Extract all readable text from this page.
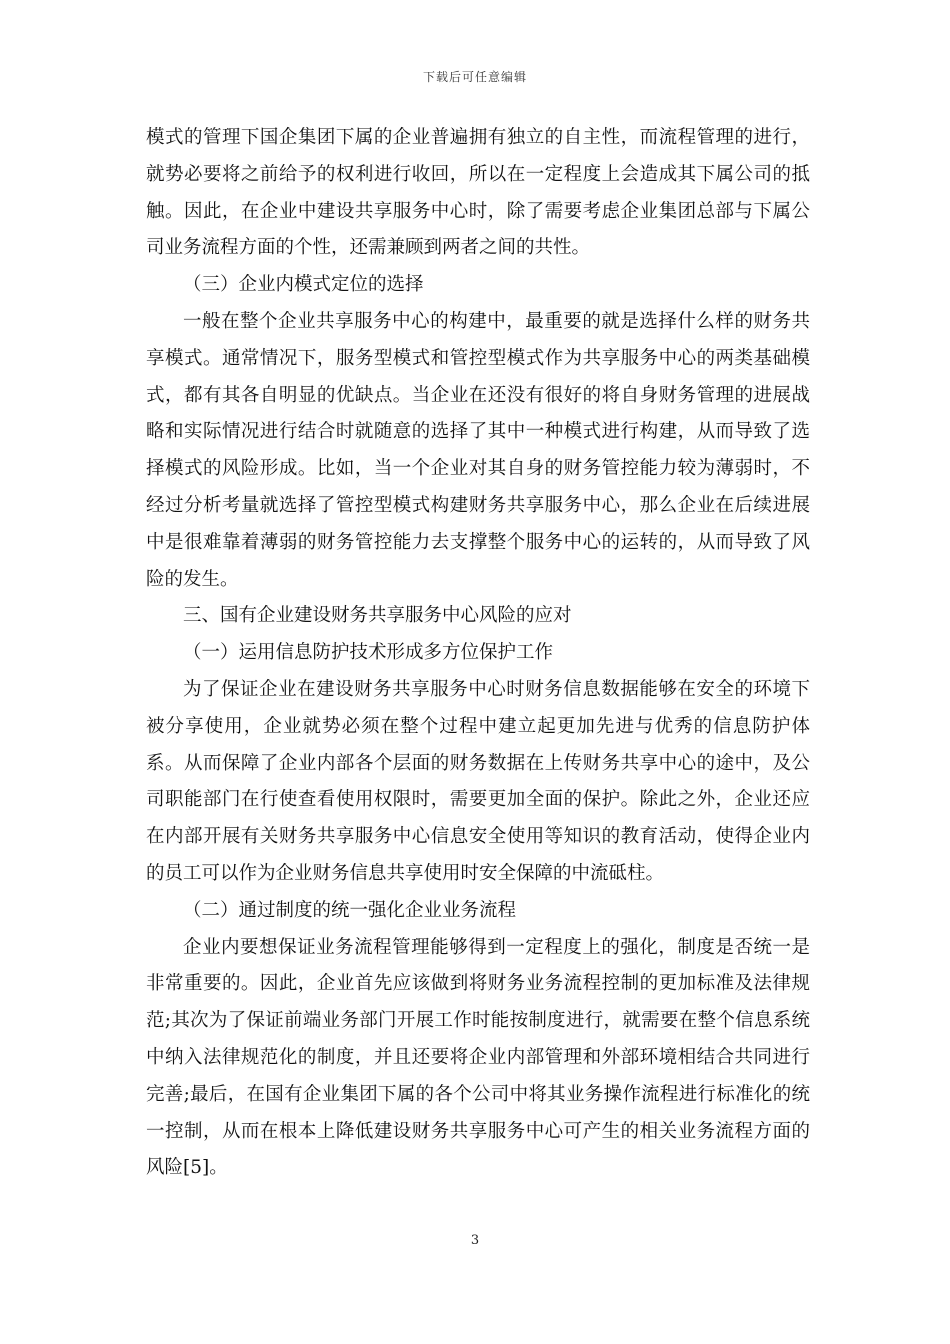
下载后可任意编辑

模式的管理下国企集团下属的企业普遍拥有独立的自主性，而流程管理的进行，就势必要将之前给予的权利进行收回，所以在一定程度上会造成其下属公司的抵触。因此，在企业中建设共享服务中心时，除了需要考虑企业集团总部与下属公司业务流程方面的个性，还需兼顾到两者之间的共性。

（三）企业内模式定位的选择

一般在整个企业共享服务中心的构建中，最重要的就是选择什么样的财务共享模式。通常情况下，服务型模式和管控型模式作为共享服务中心的两类基础模式，都有其各自明显的优缺点。当企业在还没有很好的将自身财务管理的进展战略和实际情况进行结合时就随意的选择了其中一种模式进行构建，从而导致了选择模式的风险形成。比如，当一个企业对其自身的财务管控能力较为薄弱时，不经过分析考量就选择了管控型模式构建财务共享服务中心，那么企业在后续进展中是很难靠着薄弱的财务管控能力去支撑整个服务中心的运转的，从而导致了风险的发生。

三、国有企业建设财务共享服务中心风险的应对

（一）运用信息防护技术形成多方位保护工作

为了保证企业在建设财务共享服务中心时财务信息数据能够在安全的环境下被分享使用，企业就势必须在整个过程中建立起更加先进与优秀的信息防护体系。从而保障了企业内部各个层面的财务数据在上传财务共享中心的途中，及公司职能部门在行使查看使用权限时，需要更加全面的保护。除此之外，企业还应在内部开展有关财务共享服务中心信息安全使用等知识的教育活动，使得企业内的员工可以作为企业财务信息共享使用时安全保障的中流砥柱。

（二）通过制度的统一强化企业业务流程

企业内要想保证业务流程管理能够得到一定程度上的强化，制度是否统一是非常重要的。因此，企业首先应该做到将财务业务流程控制的更加标准及法律规范;其次为了保证前端业务部门开展工作时能按制度进行，就需要在整个信息系统中纳入法律规范化的制度，并且还要将企业内部管理和外部环境相结合共同进行完善;最后，在国有企业集团下属的各个公司中将其业务操作流程进行标准化的统一控制，从而在根本上降低建设财务共享服务中心可产生的相关业务流程方面的风险[5]。

3
